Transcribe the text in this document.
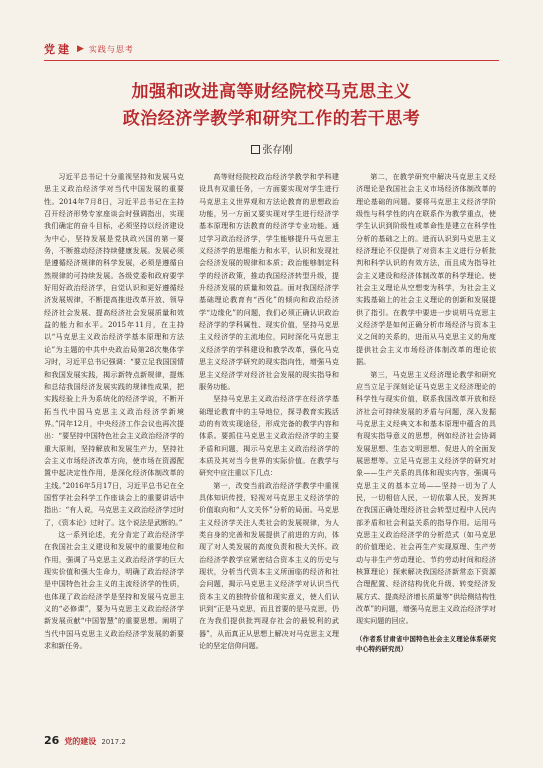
党建 ▶ 实践与思考
加强和改进高等财经院校马克思主义
政治经济学教学和研究工作的若干思考
张存刚

习近平总书记十分重视坚持和发展马克思主义政治经济学对当代中国发展的重要性。2014年7月8日，习近平总书记在主持召开经济形势专家座谈会时强调指出，实现我们确定的奋斗目标，必须坚持以经济建设为中心，坚持发展是党执政兴国的第一要务，不断推动经济持续健康发展。发展必须是遵循经济规律的科学发展，必须是遵循自然规律的可持续发展。各级党委和政府要学好用好政治经济学，自觉认识和更好遵循经济发展规律，不断提高推进改革开放、领导经济社会发展、提高经济社会发展质量和效益的能力和水平。2015年11月，在主持以“马克思主义政治经济学基本原理和方法论”为主题的中共中央政治局第28次集体学习时，习近平总书记强调：“要立足我国国情和我国发展实践，揭示新特点新规律，提炼和总结我国经济发展实践的规律性成果，把实践经验上升为系统化的经济学说，不断开拓当代中国马克思主义政治经济学新境界。”同年12月，中央经济工作会议也再次提出：“要坚持中国特色社会主义政治经济学的重大原则，坚持解放和发展生产力，坚持社会主义市场经济改革方向，使市场在资源配置中起决定性作用，是深化经济体制改革的主线。”2016年5月17日，习近平总书记在全国哲学社会科学工作座谈会上的重要讲话中指出：“有人说，马克思主义政治经济学过时了，《资本论》过时了。这个说法是武断的。”

这一系列论述，充分肯定了政治经济学在我国社会主义建设和发展中的重要地位和作用，强调了马克思主义政治经济学的巨大现实价值和强大生命力，明确了政治经济学是中国特色社会主义的主流经济学的性质，也体现了政治经济学是坚持和发展马克思主义的“必修课”，要为马克思主义政治经济学新发展贡献“中国智慧”的重要思想。阐明了当代中国马克思主义政治经济学发展的新要求和新任务。

高等财经院校政治经济学教学和学科建设具有双重任务，一方面要实现对学生进行马克思主义世界观和方法论教育的思想政治功能，另一方面又要实现对学生进行经济学基本原理和方法教育的经济学专业功能。通过学习政治经济学，学生能够提升马克思主义经济学的思维能力和水平，认识和发现社会经济发展的规律和本质；政治能够制定科学的经济政策，推动我国经济转型升级，提升经济发展的质量和效益。面对我国经济学基础理论教育有“西化”的倾向和政治经济学“边缘化”的问题，我们必须正确认识政治经济学的学科属性、现实价值，坚持马克思主义经济学的主流地位，同时深化马克思主义经济学的学科建设和教学改革，强化马克思主义经济学研究的现实指向性，增强马克思主义经济学对经济社会发展的现实指导和服务功能。

坚持马克思主义政治经济学在经济学基础理论教育中的主导地位，探寻教育实践活动的有效实现途径，形成完备的教学内容和体系。要抓住马克思主义政治经济学的主要矛盾和问题，揭示马克思主义政治经济学的本质及其对当今世界的实际价值。在教学与研究中应注重以下几点：

第一，改变当前政治经济学教学中重视具体知识传授，轻视对马克思主义经济学的价值取向和“人文关怀”分析的局面。马克思主义经济学关注人类社会的发展规律，为人类自身的完善和发展提供了前进的方向，体现了对人类发展的高度负责和极大关怀。政治经济学教学应紧密结合资本主义的历史与现状，分析当代资本主义所面临的经济和社会问题，揭示马克思主义经济学对认识当代资本主义的独特价值和现实意义，使人们认识到“正是马克思，而且首要的是马克思，仍在为我们提供批判现存社会的最锐利的武器”，从而真正从思想上解决对马克思主义理论的坚定信仰问题。

第二，在教学研究中解决马克思主义经济理论是我国社会主义市场经济体制改革的理论基础的问题。要将马克思主义经济学阶级性与科学性的内在联系作为教学重点，使学生认识到阶级性或革命性是建立在科学性分析的基础之上的。进而认识到马克思主义经济理论不仅提供了对资本主义进行分析批判和科学认识的有效方法，而且成为指导社会主义建设和经济体制改革的科学理论。使社会主义理论从空想变为科学，为社会主义实践基础上的社会主义理论的创新和发展提供了指引。在教学中要进一步说明马克思主义经济学是如何正确分析市场经济与资本主义之间的关系的，进而从马克思主义的角度提供社会主义市场经济体制改革的理论依据。

第三，马克思主义经济理论教学和研究应当立足于深刻论证马克思主义经济理论的科学性与现实价值，联系我国改革开放和经济社会可持续发展的矛盾与问题，深入发掘马克思主义经典文本和基本原理中蕴含的具有现实指导意义的思想，例如经济社会协调发展思想、生态文明思想、促进人的全面发展思想等。立足马克思主义经济学的研究对象——生产关系的具体和现实内容，强调马克思主义的基本立场——坚持一切为了人民，一切相信人民，一切依靠人民，发挥其在我国正确处理经济社会转型过程中人民内部矛盾和社会利益关系的指导作用。运用马克思主义政治经济学的分析范式（如马克思的价值理论、社会再生产实现原理、生产劳动与非生产劳动理论、节约劳动时间和经济核算理论）探索解决我国经济新常态下资源合理配置、经济结构优化升级、转变经济发展方式、提高经济增长质量等“供给侧结构性改革”的问题，增强马克思主义政治经济学对现实问题的回应。

（作者系甘肃省中国特色社会主义理论体系研究中心特约研究员）

26 党的建设 2017.2
